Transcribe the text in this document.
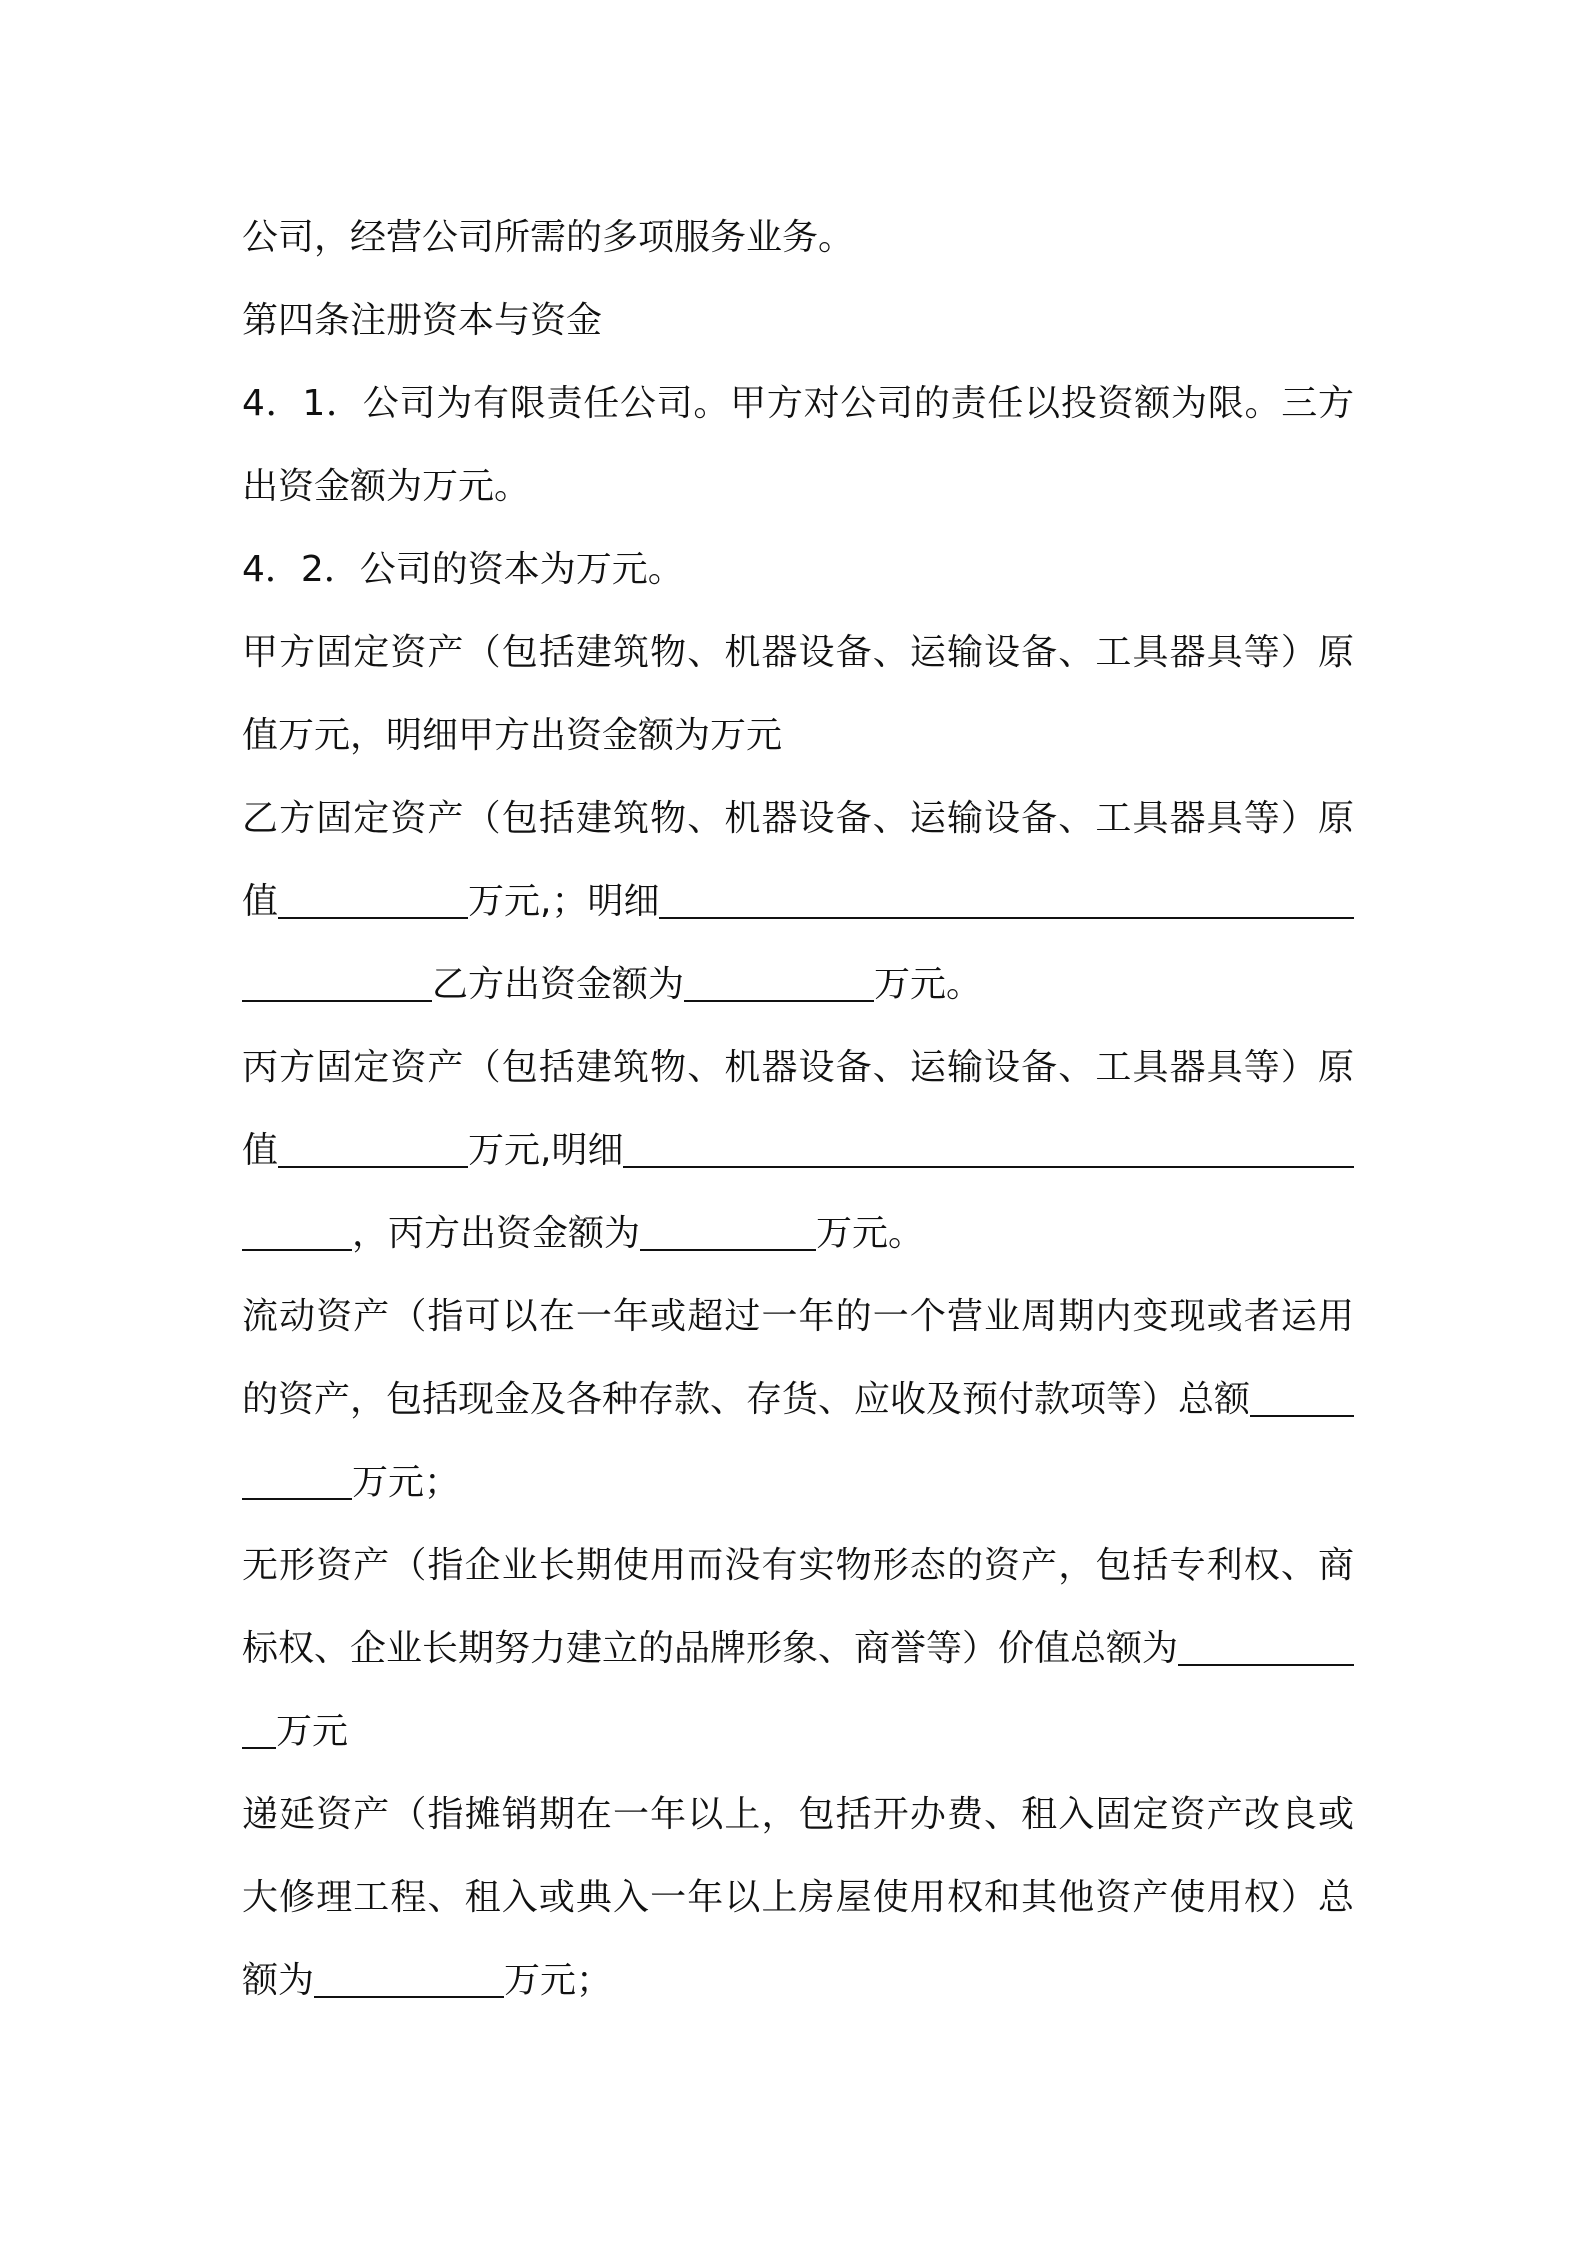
公司，经营公司所需的多项服务业务。
第四条注册资本与资金
4．1．公司为有限责任公司。甲方对公司的责任以投资额为限。三方
出资金额为万元。
4．2．公司的资本为万元。
甲方固定资产（包括建筑物、机器设备、运输设备、工具器具等）原
值万元，明细甲方出资金额为万元
乙方固定资产（包括建筑物、机器设备、运输设备、工具器具等）原
值	万元,；明细
乙方出资金额为	万元。
丙方固定资产（包括建筑物、机器设备、运输设备、工具器具等）原
值	万元,明细
，丙方出资金额为	万元。
流动资产（指可以在一年或超过一年的一个营业周期内变现或者运用
的资产，包括现金及各种存款、存货、应收及预付款项等）总额
万元；
无形资产（指企业长期使用而没有实物形态的资产，包括专利权、商
标权、企业长期努力建立的品牌形象、商誉等）价值总额为
万元
递延资产（指摊销期在一年以上，包括开办费、租入固定资产改良或
大修理工程、租入或典入一年以上房屋使用权和其他资产使用权）总
额为	万元；
